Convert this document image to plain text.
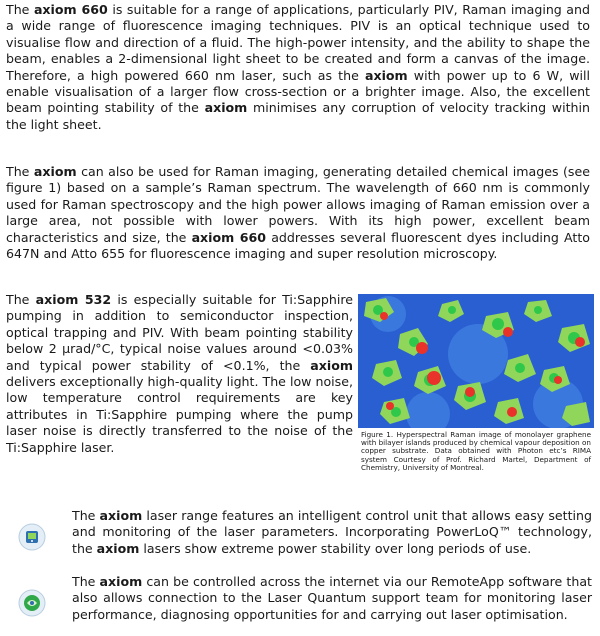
The axiom 660 is suitable for a range of applications, particularly PIV, Raman imaging and a wide range of fluorescence imaging techniques. PIV is an optical technique used to visualise flow and direction of a fluid. The high-power intensity, and the ability to shape the beam, enables a 2-dimensional light sheet to be created and form a canvas of the image. Therefore, a high powered 660 nm laser, such as the axiom with power up to 6 W, will enable visualisation of a larger flow cross-section or a brighter image. Also, the excellent beam pointing stability of the axiom minimises any corruption of velocity tracking within the light sheet.

The axiom can also be used for Raman imaging, generating detailed chemical images (see figure 1) based on a sample’s Raman spectrum. The wavelength of 660 nm is commonly used for Raman spectroscopy and the high power allows imaging of Raman emission over a large area, not possible with lower powers. With its high power, excellent beam characteristics and size, the axiom 660 addresses several fluorescent dyes including Atto 647N and Atto 655 for fluorescence imaging and super resolution microscopy.

The axiom 532 is especially suitable for Ti:Sapphire pumping in addition to semiconductor inspection, optical trapping and PIV. With beam pointing stability below 2 µrad/°C, typical noise values around <0.03% and typical power stability of <0.1%, the axiom delivers exceptionally high-quality light. The low noise, low temperature control requirements are key attributes in Ti:Sapphire pumping where the pump laser noise is directly transferred to the noise of the Ti:Sapphire laser.

Figure 1. Hyperspectral Raman image of monolayer graphene with bilayer islands produced by chemical vapour deposition on copper substrate. Data obtained with Photon etc’s RIMA system Courtesy of Prof. Richard Martel, Department of Chemistry, University of Montreal.

The axiom laser range features an intelligent control unit that allows easy setting and monitoring of the laser parameters. Incorporating PowerLoQ™ technology, the axiom lasers show extreme power stability over long periods of use.

The axiom can be controlled across the internet via our RemoteApp software that also allows connection to the Laser Quantum support team for monitoring laser performance, diagnosing opportunities for and carrying out laser optimisation.
